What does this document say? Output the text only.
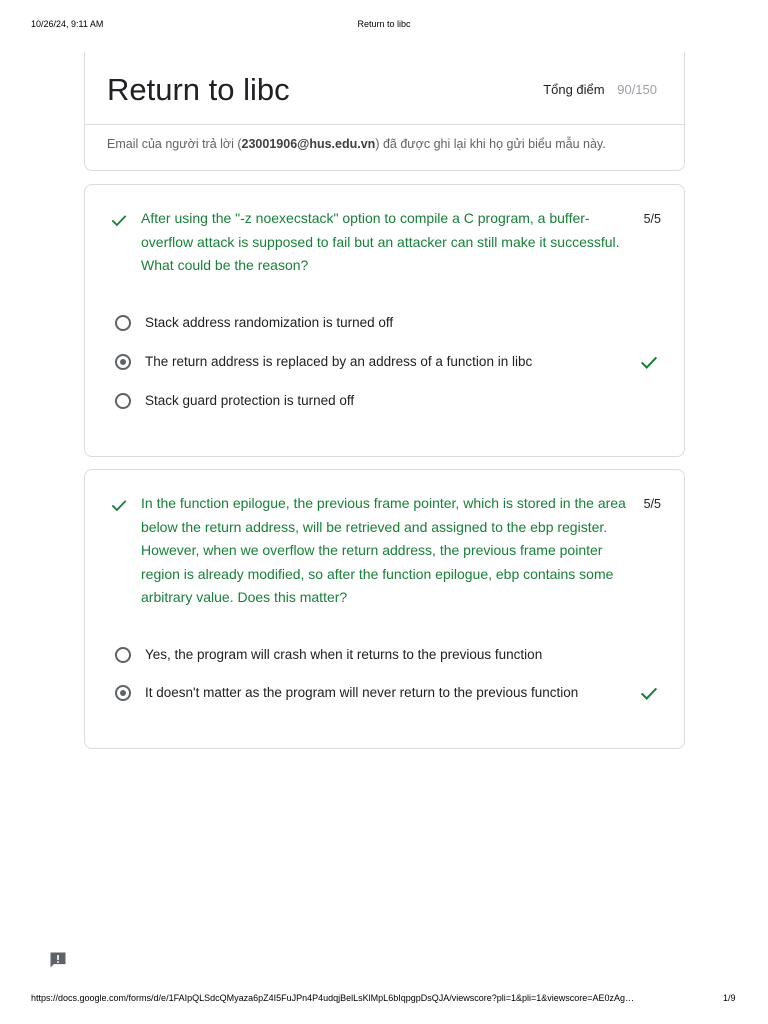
10/26/24, 9:11 AM	Return to libc
Return to libc	Tổng điểm 90/150
Email của người trả lời (23001906@hus.edu.vn) đã được ghi lại khi họ gửi biểu mẫu này.
After using the "-z noexecstack" option to compile a C program, a buffer-overflow attack is supposed to fail but an attacker can still make it successful. What could be the reason?
5/5
Stack address randomization is turned off
The return address is replaced by an address of a function in libc
Stack guard protection is turned off
In the function epilogue, the previous frame pointer, which is stored in the area below the return address, will be retrieved and assigned to the ebp register. However, when we overflow the return address, the previous frame pointer region is already modified, so after the function epilogue, ebp contains some arbitrary value. Does this matter?
5/5
Yes, the program will crash when it returns to the previous function
It doesn't matter as the program will never return to the previous function
https://docs.google.com/forms/d/e/1FAIpQLSdcQMyaza6pZ4I5FuJPn4P4udqjBelLsKlMpL6bIqpgpDsQJA/viewscore?pli=1&pli=1&viewscore=AE0zAg…	1/9
